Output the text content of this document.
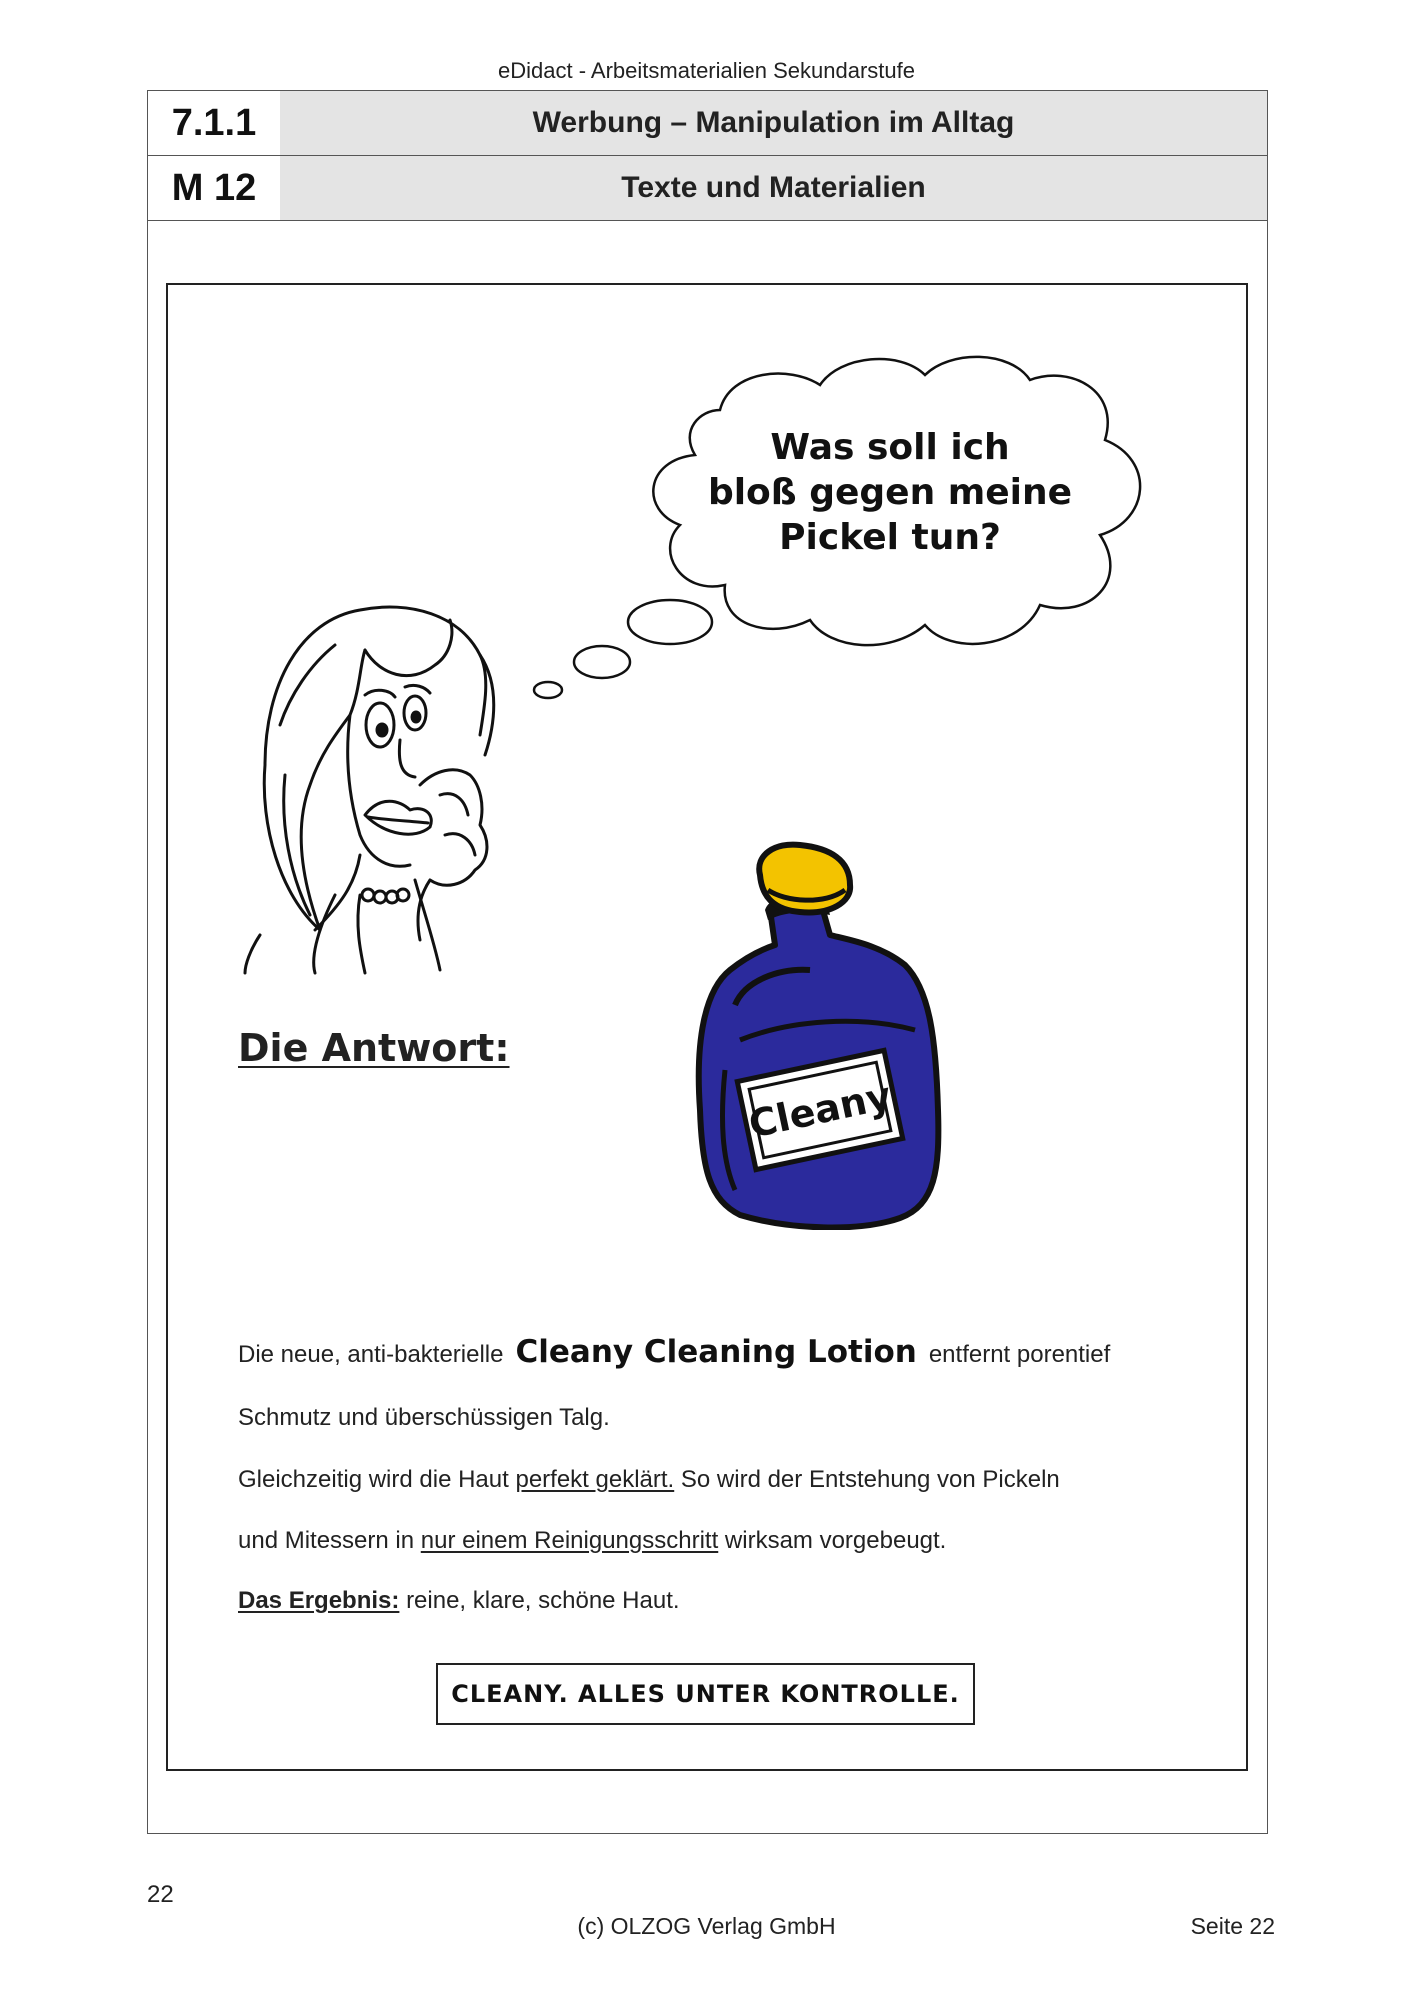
eDidact - Arbeitsmaterialien Sekundarstufe
7.1.1	Werbung – Manipulation im Alltag
M 12	Texte und Materialien
Was soll ich
bloß gegen meine
Pickel tun?
Cleany
Die Antwort:
Die neue, anti-bakterielle Cleany Cleaning Lotion entfernt porentief
Schmutz und überschüssigen Talg.
Gleichzeitig wird die Haut perfekt geklärt. So wird der Entstehung von Pickeln
und Mitessern in nur einem Reinigungsschritt wirksam vorgebeugt.
Das Ergebnis: reine, klare, schöne Haut.
CLEANY. ALLES UNTER KONTROLLE.
22
(c) OLZOG Verlag GmbH	Seite 22
